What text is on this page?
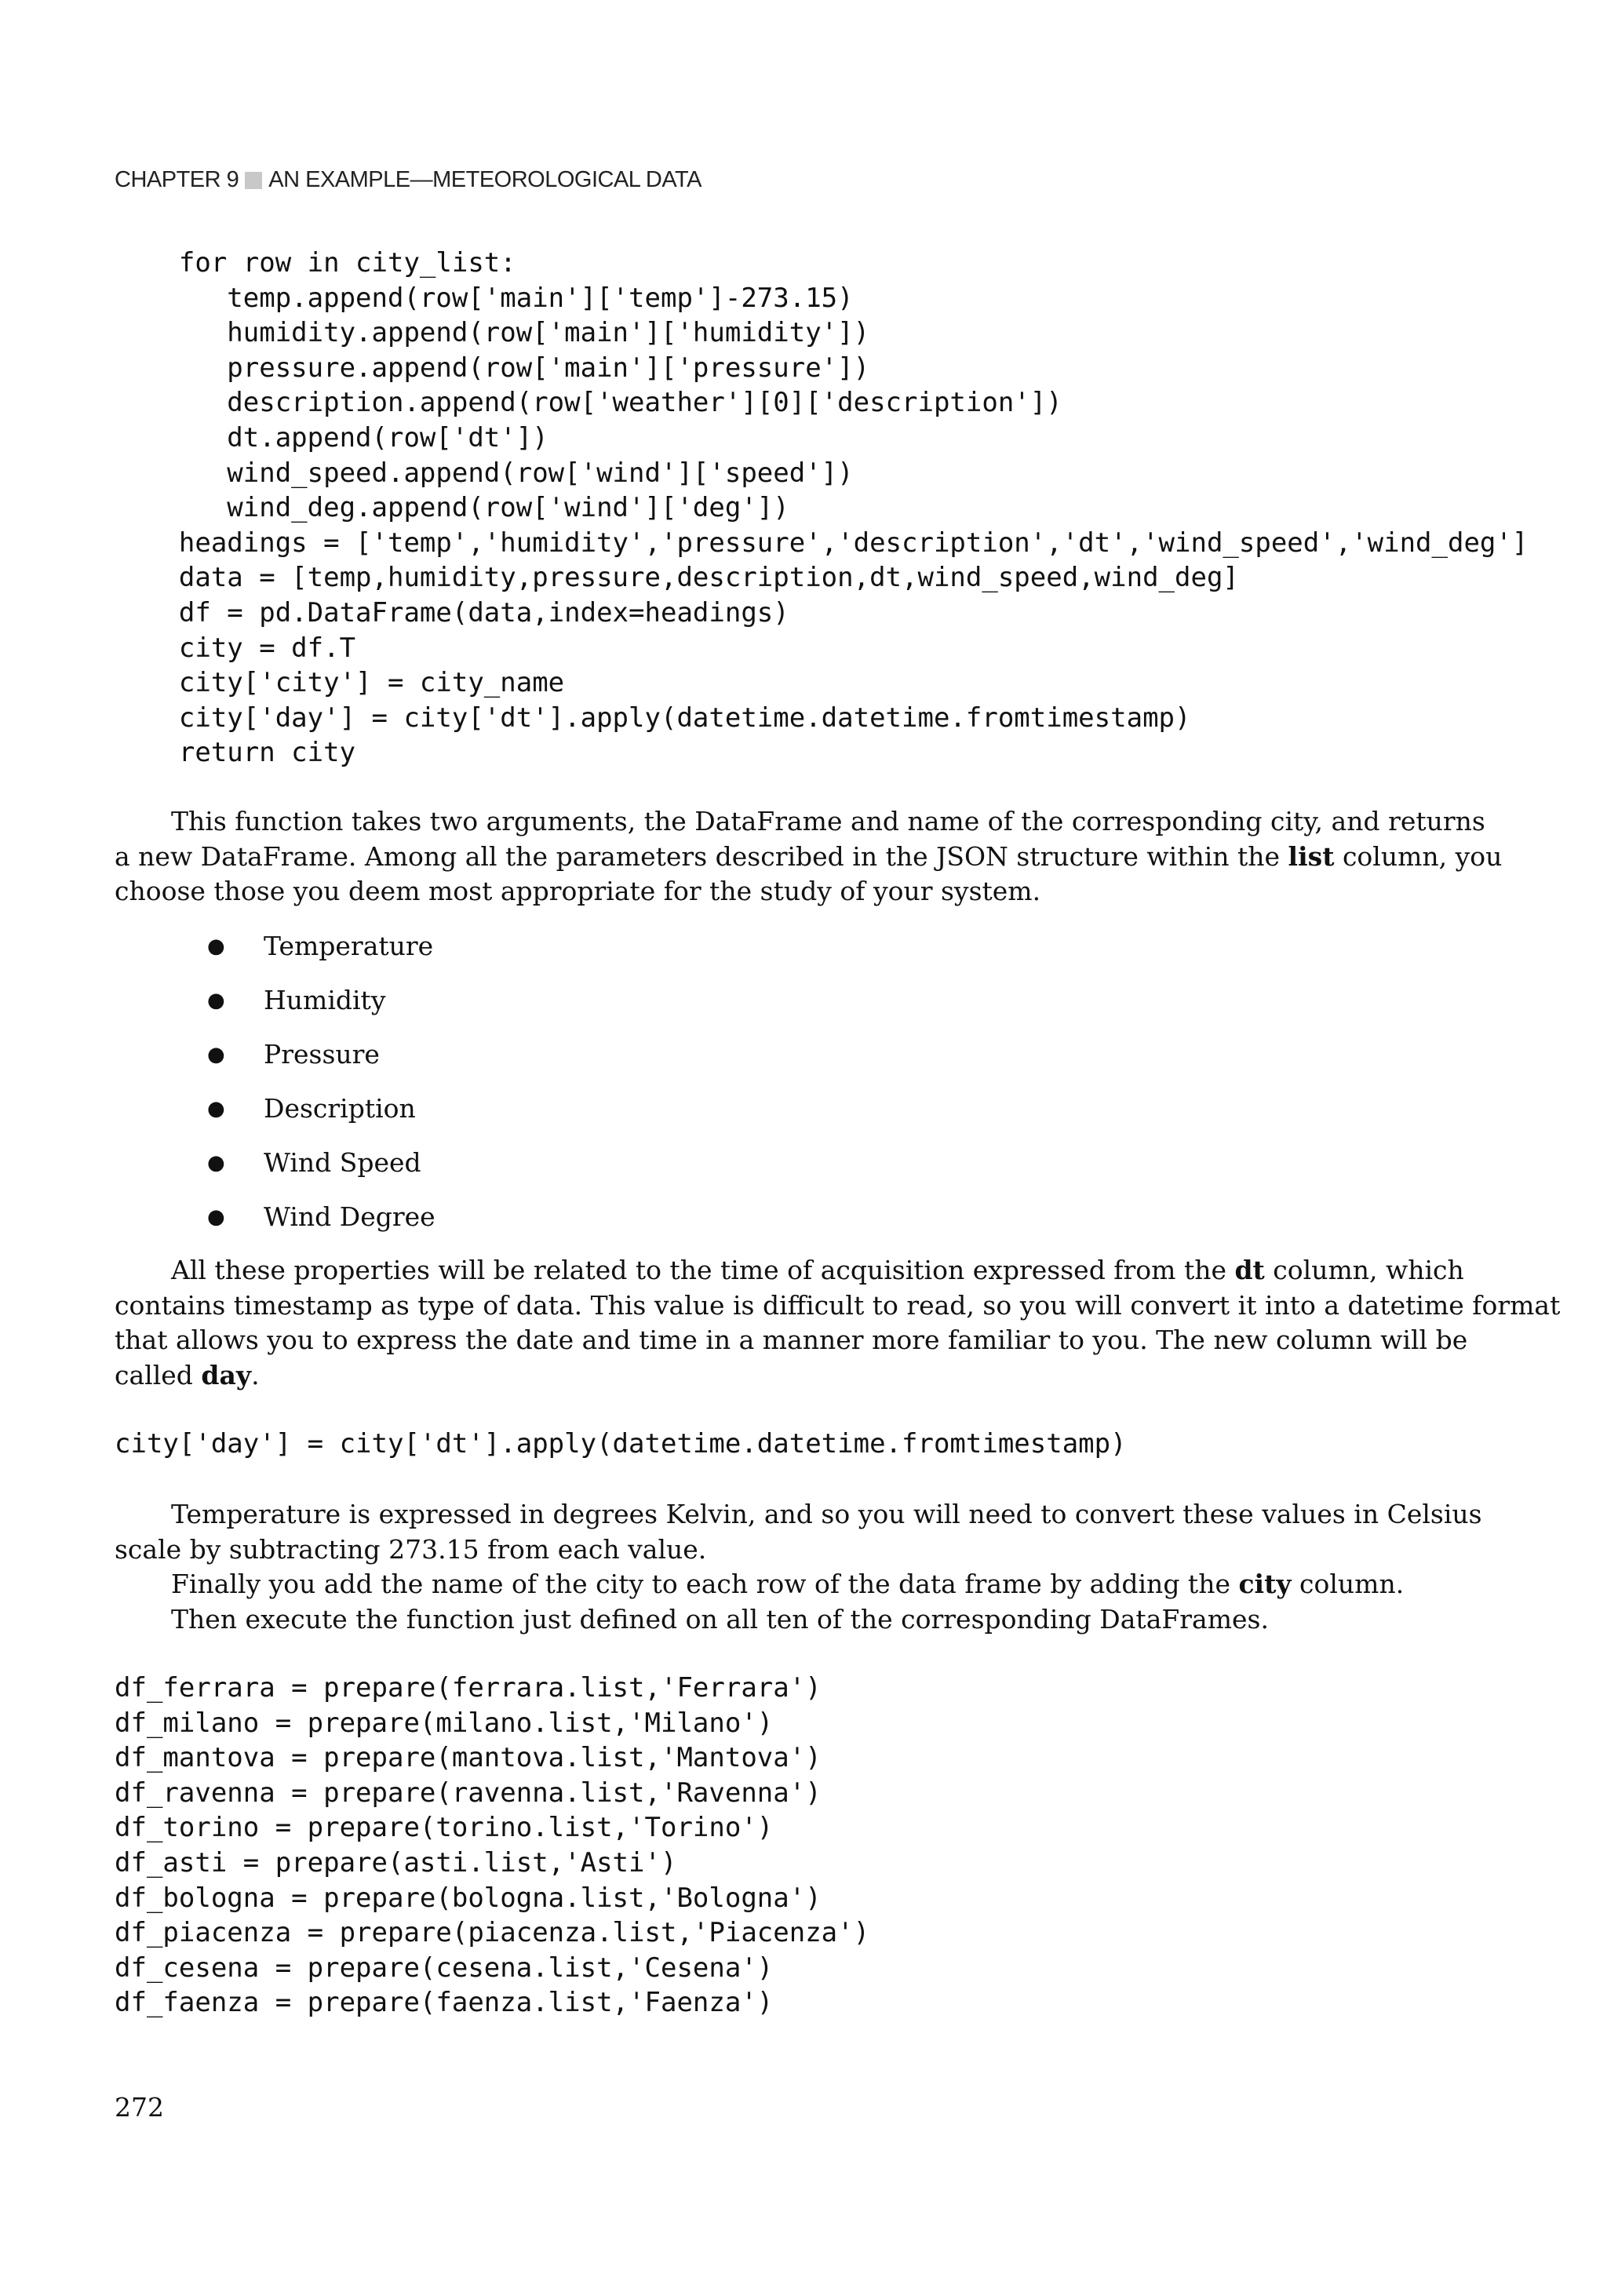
CHAPTER 9 AN EXAMPLE—METEOROLOGICAL DATA
for row in city_list:
temp.append(row['main']['temp']-273.15)
humidity.append(row['main']['humidity'])
pressure.append(row['main']['pressure'])
description.append(row['weather'][0]['description'])
dt.append(row['dt'])
wind_speed.append(row['wind']['speed'])
wind_deg.append(row['wind']['deg'])
headings = ['temp','humidity','pressure','description','dt','wind_speed','wind_deg']
data = [temp,humidity,pressure,description,dt,wind_speed,wind_deg]
df = pd.DataFrame(data,index=headings)
city = df.T
city['city'] = city_name
city['day'] = city['dt'].apply(datetime.datetime.fromtimestamp)
return city
This function takes two arguments, the DataFrame and name of the corresponding city, and returns
a new DataFrame. Among all the parameters described in the JSON structure within the list column, you
choose those you deem most appropriate for the study of your system.
●	Temperature
●	Humidity
●	Pressure
●	Description
●	Wind Speed
●	Wind Degree
All these properties will be related to the time of acquisition expressed from the dt column, which
contains timestamp as type of data. This value is difficult to read, so you will convert it into a datetime format
that allows you to express the date and time in a manner more familiar to you. The new column will be
called day.
city['day'] = city['dt'].apply(datetime.datetime.fromtimestamp)
Temperature is expressed in degrees Kelvin, and so you will need to convert these values in Celsius
scale by subtracting 273.15 from each value.
Finally you add the name of the city to each row of the data frame by adding the city column.
Then execute the function just defined on all ten of the corresponding DataFrames.
df_ferrara = prepare(ferrara.list,'Ferrara')
df_milano = prepare(milano.list,'Milano')
df_mantova = prepare(mantova.list,'Mantova')
df_ravenna = prepare(ravenna.list,'Ravenna')
df_torino = prepare(torino.list,'Torino')
df_asti = prepare(asti.list,'Asti')
df_bologna = prepare(bologna.list,'Bologna')
df_piacenza = prepare(piacenza.list,'Piacenza')
df_cesena = prepare(cesena.list,'Cesena')
df_faenza = prepare(faenza.list,'Faenza')
272
